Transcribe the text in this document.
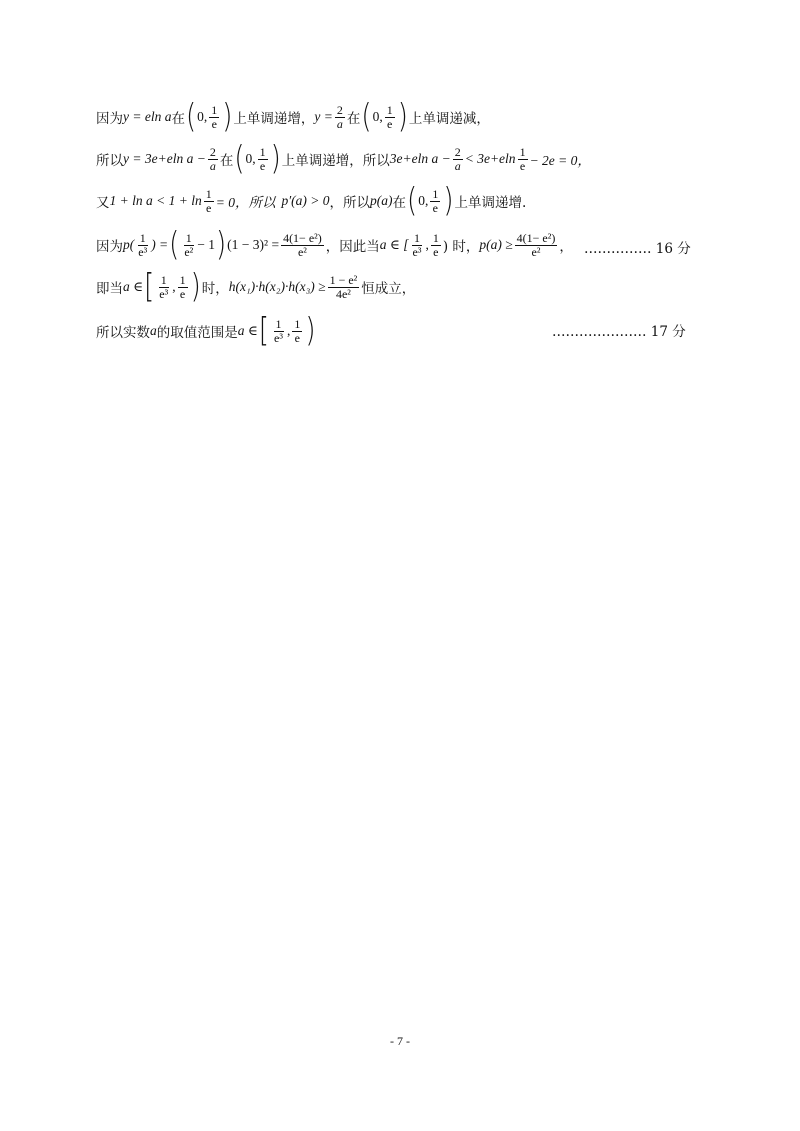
因为 y = eln a 在 ( 0, $\frac{1}{e}$ ) 上单调递增， $y = \frac{2}{a}$ 在 ( 0, $\frac{1}{e}$ ) 上单调递减，
所以 y = 3e+eln $a - \frac{2}{a}$ 在 ( 0, $\frac{1}{e}$ ) 上单调递增，所以 3e+eln $a - \frac{2}{a} < 3e+eln \frac{1}{e} - 2e = 0$，
又 $1 + \ln a < 1 + \ln \frac{1}{e} = 0$，所以 p′(a) > 0 ，所以 p(a) 在 ( 0, $\frac{1}{e}$ ) 上单调递增.
因为 $p( \frac{1}{\text{e³}}$ ) = ( $\frac{1}{\text{e²}} - 1$ ) $(1 - 3)^2 = \frac{\text{4(1− e²)}}{\text{e²}}$ ，因此当 a ∈ [ $\frac{1}{\text{e³}}$ , $\frac{1}{e}$ ) 时， $p(a) \ge \frac{\text{4(1− e²)}}{\text{e²}}$ ， …………… 16 分
即当 a ∈ [ $\frac{1}{\text{e³}}$ , $\frac{1}{e}$ ) 时， $h(x_1)\cdot h(x_2)\cdot h(x_3) \ge \frac{\text{1 − e²}}{\text{4e²}}$ 恒成立，
所以实数 a 的取值范围是 a ∈ [ $\frac{1}{\text{e³}}$ , $\frac{1}{e}$ )	………………… 17 分
- 7 -
